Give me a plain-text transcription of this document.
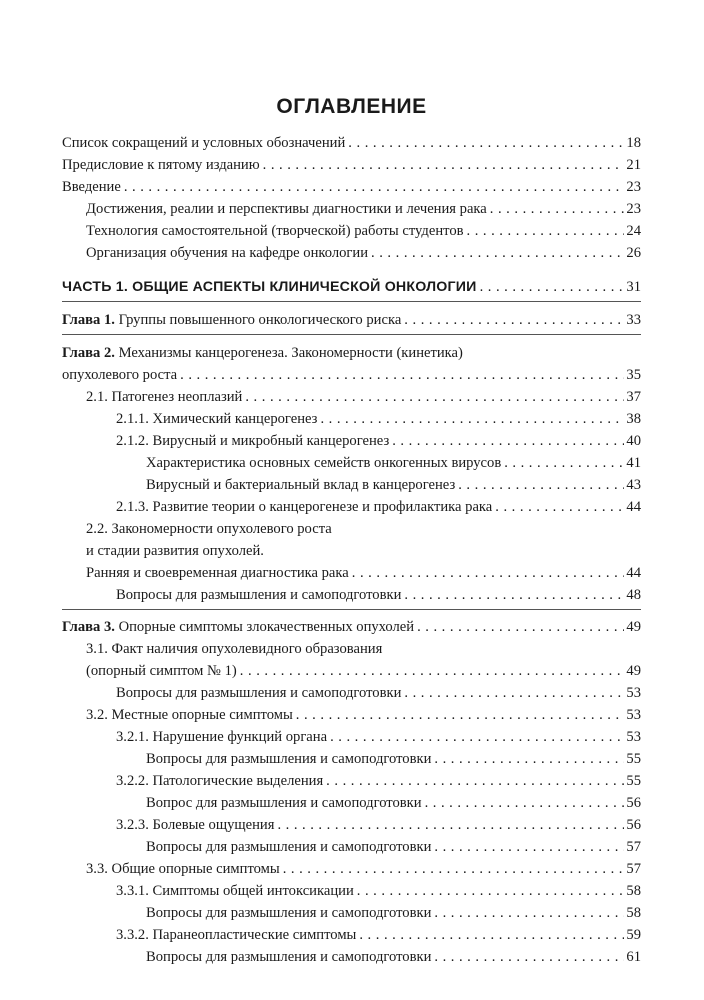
ОГЛАВЛЕНИЕ
Список сокращений и условных обозначений . . .	18
Предисловие к пятому изданию . . .	21
Введение . . .	23
Достижения, реалии и перспективы диагностики и лечения рака . . .	23
Технология самостоятельной (творческой) работы студентов . . .	24
Организация обучения на кафедре онкологии . . .	26
ЧАСТЬ 1. ОБЩИЕ АСПЕКТЫ КЛИНИЧЕСКОЙ ОНКОЛОГИИ . . .	31
Глава 1. Группы повышенного онкологического риска . . .	33
Глава 2. Механизмы канцерогенеза. Закономерности (кинетика)
опухолевого роста . . .	35
2.1. Патогенез неоплазий . . .	37
2.1.1. Химический канцерогенез . . .	38
2.1.2. Вирусный и микробный канцерогенез . . .	40
Характеристика основных семейств онкогенных вирусов . . .	41
Вирусный и бактериальный вклад в канцерогенез . . .	43
2.1.3. Развитие теории о канцерогенезе и профилактика рака . . .	44
2.2. Закономерности опухолевого роста
и стадии развития опухолей.
Ранняя и своевременная диагностика рака . . .	44
Вопросы для размышления и самоподготовки . . .	48
Глава 3. Опорные симптомы злокачественных опухолей . . .	49
3.1. Факт наличия опухолевидного образования
(опорный симптом № 1) . . .	49
Вопросы для размышления и самоподготовки . . .	53
3.2. Местные опорные симптомы . . .	53
3.2.1. Нарушение функций органа . . .	53
Вопросы для размышления и самоподготовки . . .	55
3.2.2. Патологические выделения . . .	55
Вопрос для размышления и самоподготовки . . .	56
3.2.3. Болевые ощущения . . .	56
Вопросы для размышления и самоподготовки . . .	57
3.3. Общие опорные симптомы . . .	57
3.3.1. Симптомы общей интоксикации . . .	58
Вопросы для размышления и самоподготовки . . .	58
3.3.2. Паранеопластические симптомы . . .	59
Вопросы для размышления и самоподготовки . . .	61
